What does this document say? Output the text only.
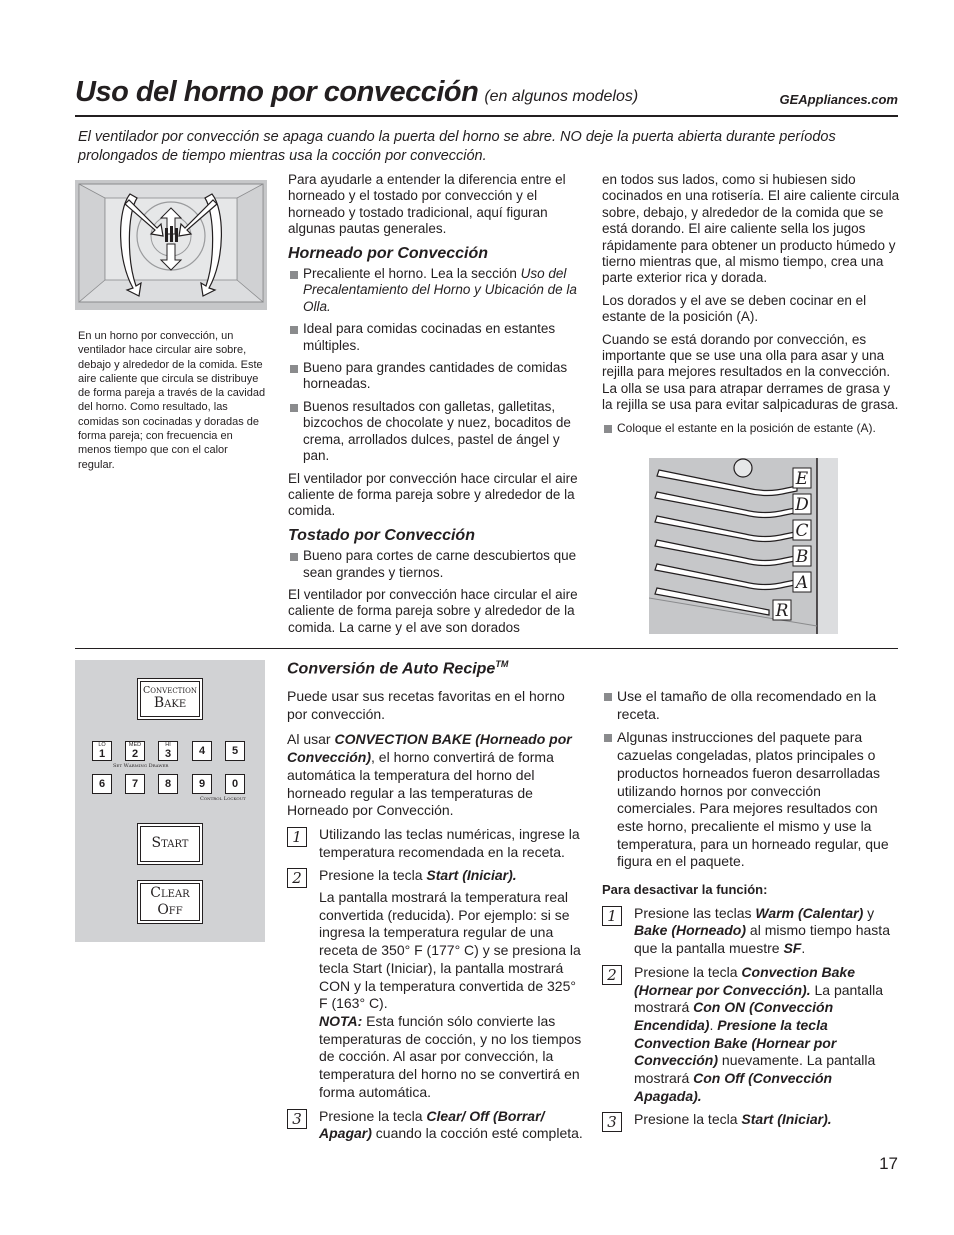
Uso del horno por convección (en algunos modelos)	GEAppliances.com
El ventilador por convección se apaga cuando la puerta del horno se abre. NO deje la puerta abierta durante períodos prolongados de tiempo mientras usa la cocción por convección.
En un horno por convección, un ventilador hace circular aire sobre, debajo y alrededor de la comida. Este aire caliente que circula se distribuye de forma pareja a través de la cavidad del horno. Como resultado, las comidas son cocinadas y doradas de forma pareja; con frecuencia en menos tiempo que con el calor regular.

Para ayudarle a entender la diferencia entre el horneado y el tostado por convección y el horneado y tostado tradicional, aquí figuran algunas pautas generales.

Horneado por Convección
Precaliente el horno. Lea la sección Uso del Precalentamiento del Horno y Ubicación de la Olla.
Ideal para comidas cocinadas en estantes múltiples.
Bueno para grandes cantidades de comidas horneadas.
Buenos resultados con galletas, galletitas, bizcochos de chocolate y nuez, bocaditos de crema, arrollados dulces, pastel de ángel y pan.

El ventilador por convección hace circular el aire caliente de forma pareja sobre y alrededor de la comida.

Tostado por Convección
Bueno para cortes de carne descubiertos que sean grandes y tiernos.

El ventilador por convección hace circular el aire caliente de forma pareja sobre y alrededor de la comida. La carne y el ave son dorados

en todos sus lados, como si hubiesen sido cocinados en una rotisería. El aire caliente circula sobre, debajo, y alrededor de la comida que se está dorando. El aire caliente sella los jugos rápidamente para obtener un producto húmedo y tierno mientras que, al mismo tiempo, crea una parte exterior rica y dorada.

Los dorados y el ave se deben cocinar en el estante de la posición (A).

Cuando se está dorando por convección, es importante que se use una olla para asar y una rejilla para mejores resultados en la convección. La olla se usa para atrapar derrames de grasa y la rejilla se usa para evitar salpicaduras de grasa.

Coloque el estante en la posición de estante (A).
E
D
C
B
A
R
Convection
Bake
LO
1
MED
2
HI
3	4	5
6	7	8	9	0
Set Warming Drawer
Control Lockout
Start
Clear
Off
Conversión de Auto Recipe™

Puede usar sus recetas favoritas en el horno por convección.

Al usar CONVECTION BAKE (Horneado por Convección), el horno convertirá de forma automática la temperatura del horno del horneado regular a las temperaturas de Horneado por Convección.

1	Utilizando las teclas numéricas, ingrese la temperatura recomendada en la receta.
2	Presione la tecla Start (Iniciar).
La pantalla mostrará la temperatura real convertida (reducida). Por ejemplo: si se ingresa la temperatura regular de una receta de 350° F (177° C) y se presiona la tecla Start (Iniciar), la pantalla mostrará CON y la temperatura convertida de 325° F (163° C).
NOTA: Esta función sólo convierte las temperaturas de cocción, y no los tiempos de cocción. Al asar por convección, la temperatura del horno no se convertirá en forma automática.
3	Presione la tecla Clear/ Off (Borrar/ Apagar) cuando la cocción esté completa.
Use el tamaño de olla recomendado en la receta.
Algunas instrucciones del paquete para cazuelas congeladas, platos principales o productos horneados fueron desarrolladas utilizando hornos por convección comerciales. Para mejores resultados con este horno, precaliente el mismo y use la temperatura, para un horneado regular, que figura en el paquete.
Para desactivar la función:
1	Presione las teclas Warm (Calentar) y Bake (Horneado) al mismo tiempo hasta que la pantalla muestre SF.
2	Presione la tecla Convection Bake (Hornear por Convección). La pantalla mostrará Con ON (Convección Encendida). Presione la tecla Convection Bake (Hornear por Convección) nuevamente. La pantalla mostrará Con Off (Convección Apagada).
3	Presione la tecla Start (Iniciar).
17
